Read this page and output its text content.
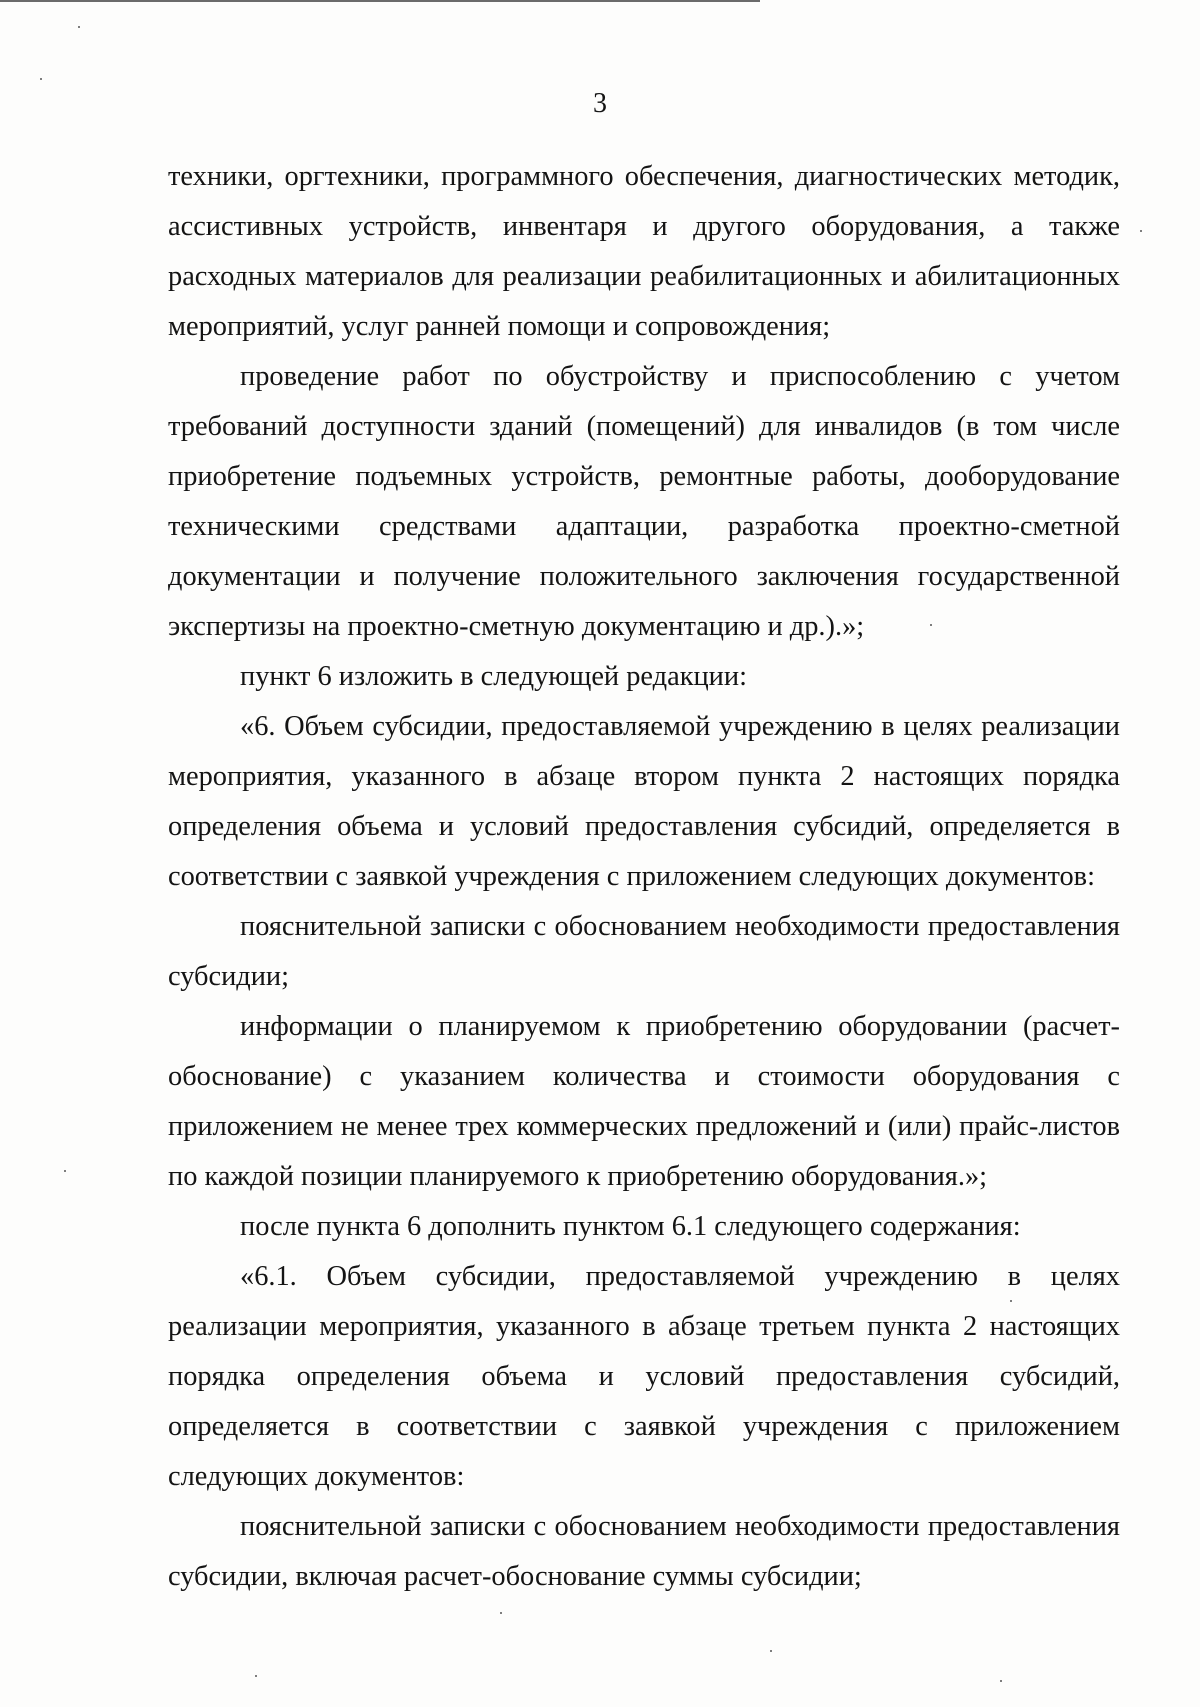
3

техники, оргтехники, программного обеспечения, диагностических методик, ассистивных устройств, инвентаря и другого оборудования, а также расходных материалов для реализации реабилитационных и абилитационных мероприятий, услуг ранней помощи и сопровождения;

проведение работ по обустройству и приспособлению с учетом требований доступности зданий (помещений) для инвалидов (в том числе приобретение подъемных устройств, ремонтные работы, дооборудование техническими средствами адаптации, разработка проектно-сметной документации и получение положительного заключения государственной экспертизы на проектно-сметную документацию и др.).»;

пункт 6 изложить в следующей редакции:

«6. Объем субсидии, предоставляемой учреждению в целях реализации мероприятия, указанного в абзаце втором пункта 2 настоящих порядка определения объема и условий предоставления субсидий, определяется в соответствии с заявкой учреждения с приложением следующих документов:

пояснительной записки с обоснованием необходимости предоставления субсидии;

информации о планируемом к приобретению оборудовании (расчет-обоснование) с указанием количества и стоимости оборудования с приложением не менее трех коммерческих предложений и (или) прайс-листов по каждой позиции планируемого к приобретению оборудования.»;

после пункта 6 дополнить пунктом 6.1 следующего содержания:

«6.1. Объем субсидии, предоставляемой учреждению в целях реализации мероприятия, указанного в абзаце третьем пункта 2 настоящих порядка определения объема и условий предоставления субсидий, определяется в соответствии с заявкой учреждения с приложением следующих документов:

пояснительной записки с обоснованием необходимости предоставления субсидии, включая расчет-обоснование суммы субсидии;
